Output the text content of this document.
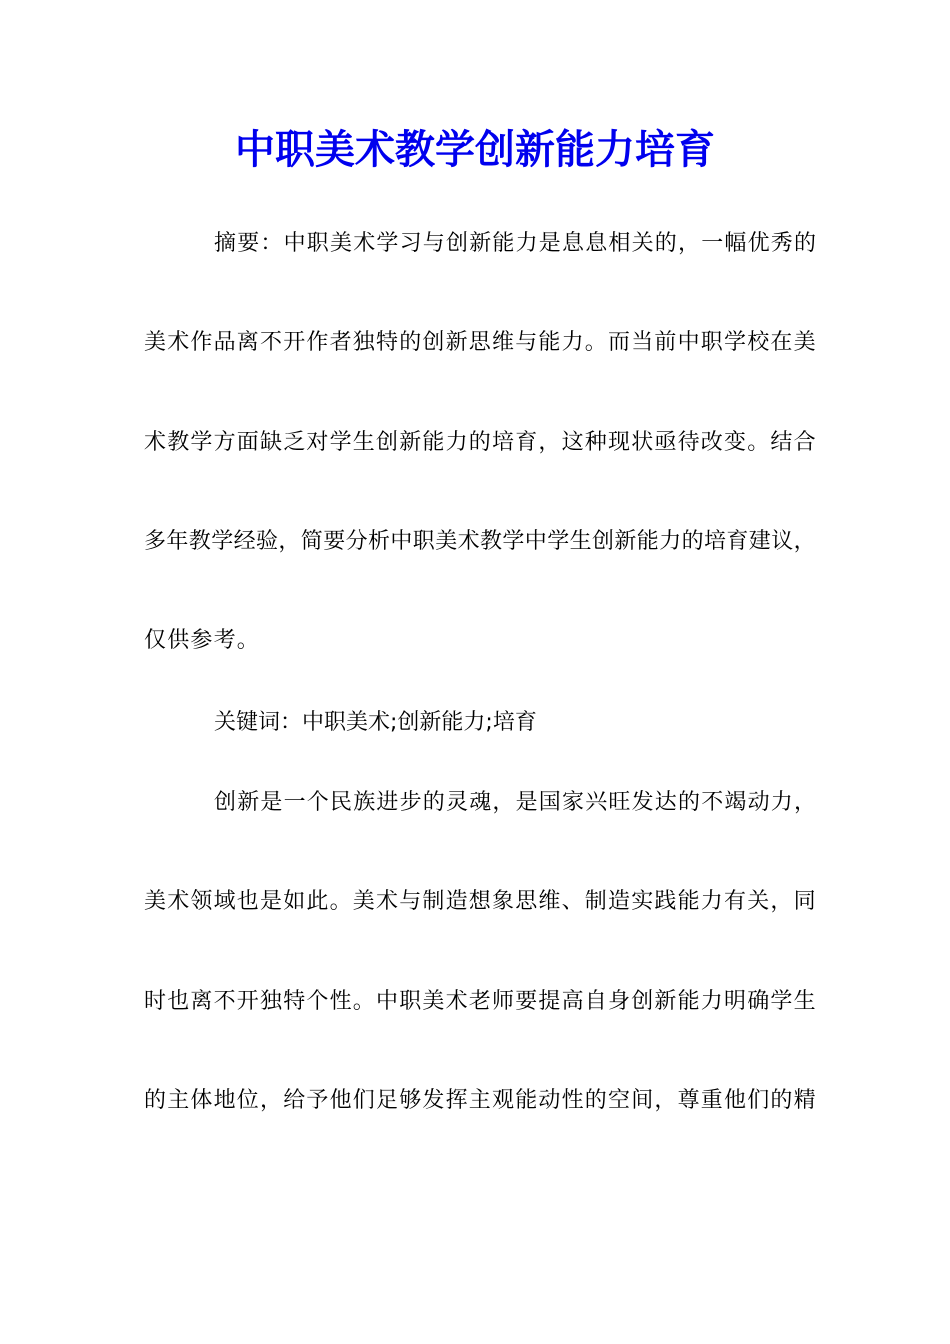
中职美术教学创新能力培育
摘要：中职美术学习与创新能力是息息相关的，一幅优秀的
美术作品离不开作者独特的创新思维与能力。而当前中职学校在美
术教学方面缺乏对学生创新能力的培育，这种现状亟待改变。结合
多年教学经验，简要分析中职美术教学中学生创新能力的培育建议，
仅供参考。
关键词：中职美术;创新能力;培育
创新是一个民族进步的灵魂，是国家兴旺发达的不竭动力，
美术领域也是如此。美术与制造想象思维、制造实践能力有关，同
时也离不开独特个性。中职美术老师要提高自身创新能力明确学生
的主体地位，给予他们足够发挥主观能动性的空间，尊重他们的精
